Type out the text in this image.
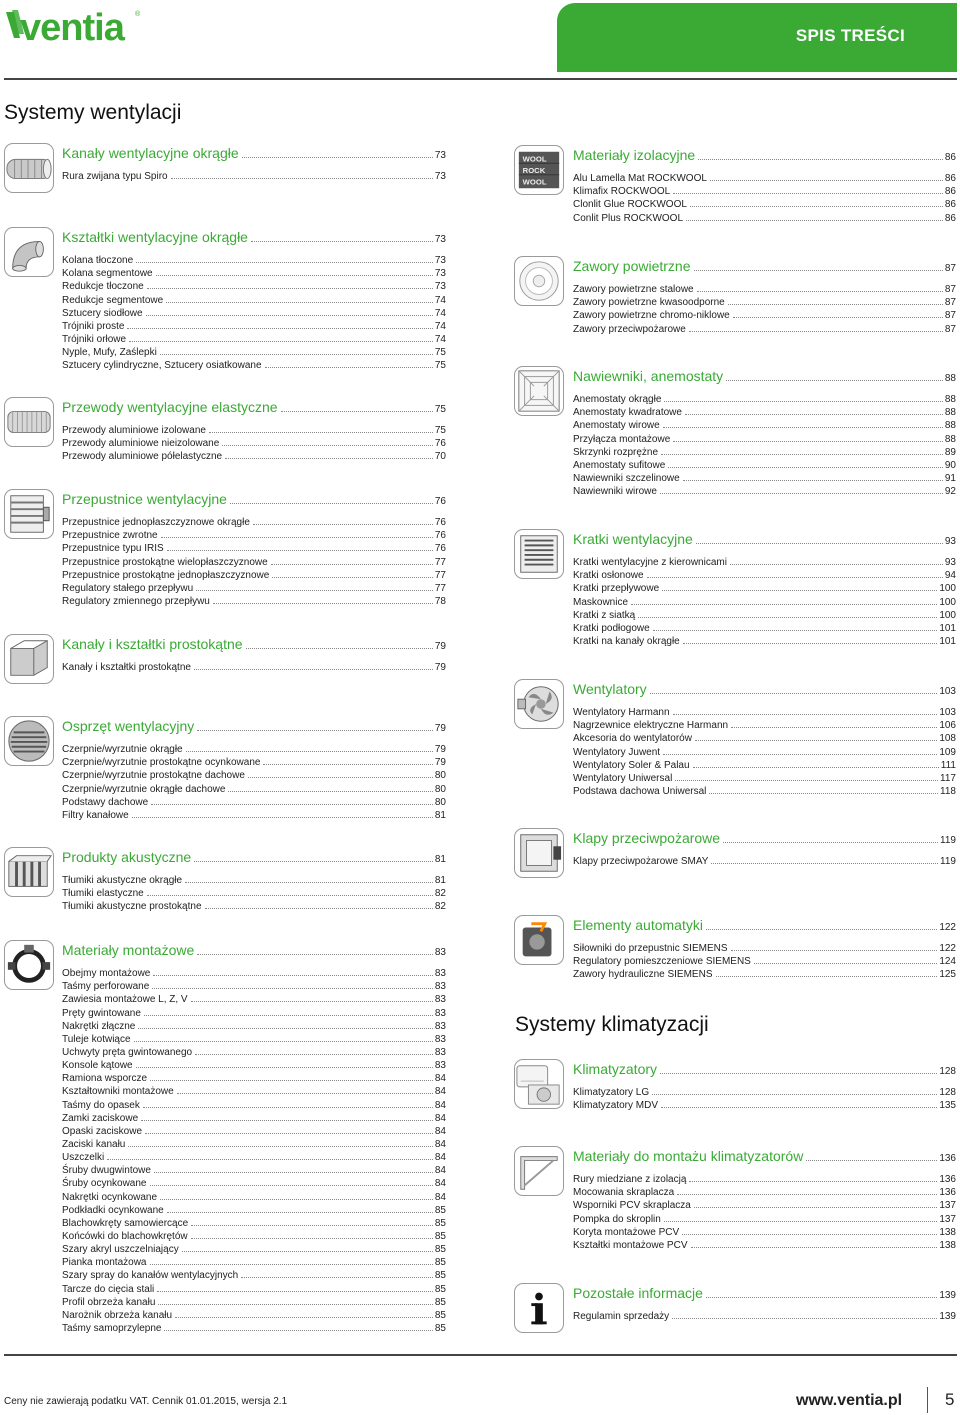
ventia ®
SPIS TREŚCI
Systemy wentylacji
Systemy klimatyzacji
Kanały wentylacyjne okrągłe	73
Rura zwijana typu Spiro	73
Kształtki wentylacyjne okrągłe	73
Kolana tłoczone	73
Kolana segmentowe	73
Redukcje tłoczone	73
Redukcje segmentowe	74
Sztucery siodłowe	74
Trójniki proste	74
Trójniki orłowe	74
Nyple, Mufy, Zaślepki	75
Sztucery cylindryczne, Sztucery osiatkowane	75
Przewody wentylacyjne elastyczne	75
Przewody aluminiowe izolowane	75
Przewody aluminiowe nieizolowane	76
Przewody aluminiowe półelastyczne	70
Przepustnice wentylacyjne	76
Przepustnice jednopłaszczyznowe okrągłe	76
Przepustnice zwrotne	76
Przepustnice typu IRIS	76
Przepustnice prostokątne wielopłaszczyznowe	77
Przepustnice prostokątne jednopłaszczyznowe	77
Regulatory stałego przepływu	77
Regulatory zmiennego przepływu	78
Kanały i kształtki prostokątne	79
Kanały i kształtki prostokątne	79
Osprzęt wentylacyjny	79
Czerpnie/wyrzutnie okrągłe	79
Czerpnie/wyrzutnie prostokątne ocynkowane	79
Czerpnie/wyrzutnie prostokątne dachowe	80
Czerpnie/wyrzutnie okrągłe dachowe	80
Podstawy dachowe	80
Filtry kanałowe	81
Produkty akustyczne	81
Tłumiki akustyczne okrągłe	81
Tłumiki elastyczne	82
Tłumiki akustyczne prostokątne	82
Materiały montażowe	83
Obejmy montażowe	83
Taśmy perforowane	83
Zawiesia montażowe L, Z, V	83
Pręty gwintowane	83
Nakrętki złączne	83
Tuleje kotwiące	83
Uchwyty pręta gwintowanego	83
Konsole kątowe	83
Ramiona wsporcze	84
Kształtowniki montażowe	84
Taśmy do opasek	84
Zamki zaciskowe	84
Opaski zaciskowe	84
Zaciski kanału	84
Uszczelki	84
Śruby dwugwintowe	84
Śruby ocynkowane	84
Nakrętki ocynkowane	84
Podkładki ocynkowane	85
Blachowkręty samowiercące	85
Końcówki do blachowkrętów	85
Szary akryl uszczelniający	85
Pianka montażowa	85
Szary spray do kanałów wentylacyjnych	85
Tarcze do cięcia stali	85
Profil obrzeża kanału	85
Narożnik obrzeża kanału	85
Taśmy samoprzylepne	85
WOOL
ROCK
WOOL
Materiały izolacyjne	86
Alu Lamella Mat ROCKWOOL	86
Klimafix ROCKWOOL	86
Clonlit Glue ROCKWOOL	86
Conlit Plus ROCKWOOL	86
Zawory powietrzne	87
Zawory powietrzne stalowe	87
Zawory powietrzne kwasoodporne	87
Zawory powietrzne chromo-niklowe	87
Zawory przeciwpożarowe	87
Nawiewniki, anemostaty	88
Anemostaty okrągłe	88
Anemostaty kwadratowe	88
Anemostaty wirowe	88
Przyłącza montażowe	88
Skrzynki rozprężne	89
Anemostaty sufitowe	90
Nawiewniki szczelinowe	91
Nawiewniki wirowe	92
Kratki wentylacyjne	93
Kratki wentylacyjne z kierownicami	93
Kratki osłonowe	94
Kratki przepływowe	100
Maskownice	100
Kratki z siatką	100
Kratki podłogowe	101
Kratki na kanały okrągłe	101
Wentylatory	103
Wentylatory Harmann	103
Nagrzewnice elektryczne Harmann	106
Akcesoria do wentylatorów	108
Wentylatory Juwent	109
Wentylatory Soler & Palau	111
Wentylatory Uniwersal	117
Podstawa dachowa Uniwersal	118
Klapy przeciwpożarowe	119
Klapy przeciwpożarowe SMAY	119
Elementy automatyki	122
Siłowniki do przepustnic SIEMENS	122
Regulatory pomieszczeniowe SIEMENS	124
Zawory hydrauliczne SIEMENS	125
Klimatyzatory	128
Klimatyzatory LG	128
Klimatyzatory MDV	135
Materiały do montażu klimatyzatorów	136
Rury miedziane z izolacją	136
Mocowania skraplacza	136
Wsporniki PCV skraplacza	137
Pompka do skroplin	137
Koryta montażowe PCV	138
Kształtki montażowe PCV	138
Pozostałe informacje	139
Regulamin sprzedaży	139
Ceny nie zawierają podatku VAT. Cennik 01.01.2015, wersja 2.1	www.ventia.pl	5
